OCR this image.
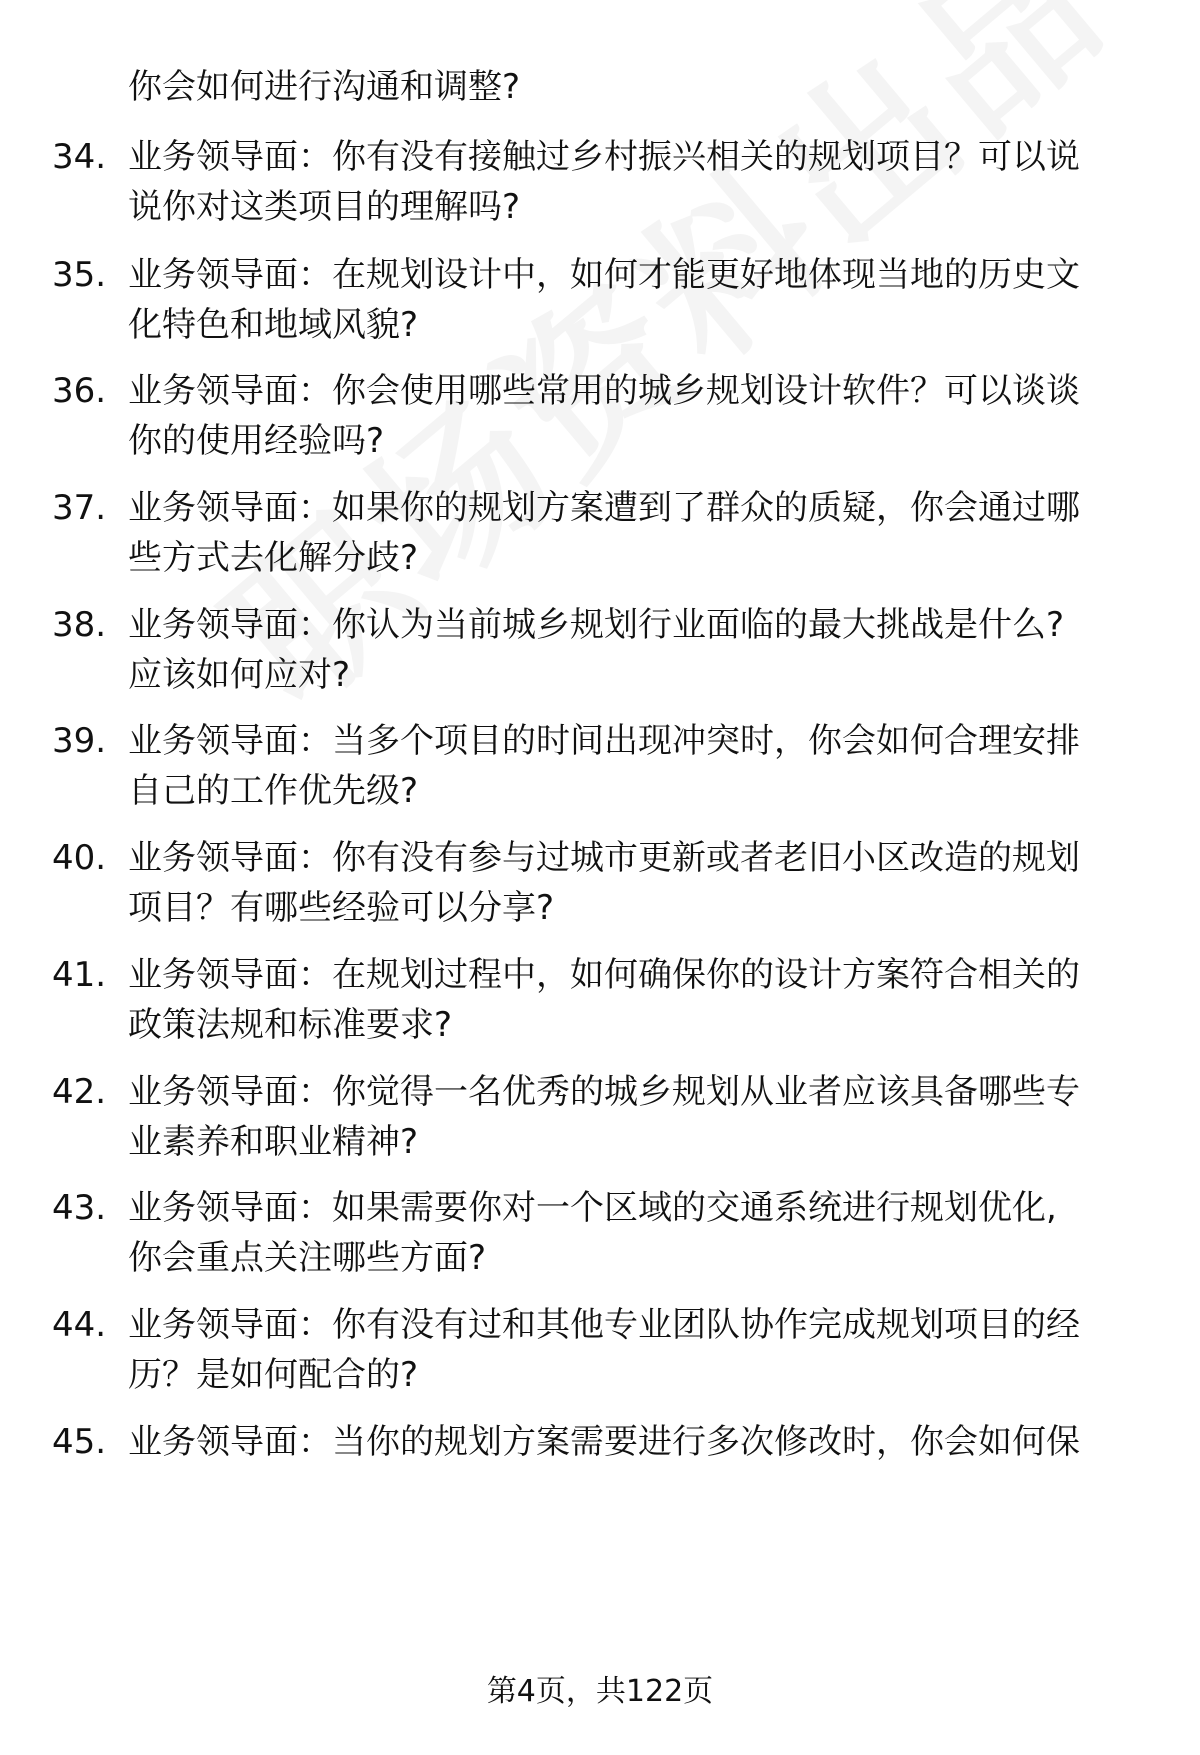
你会如何进行沟通和调整?
34. 业务领导面：你有没有接触过乡村振兴相关的规划项目？可以说
说你对这类项目的理解吗?
35. 业务领导面：在规划设计中，如何才能更好地体现当地的历史文
化特色和地域风貌?
36. 业务领导面：你会使用哪些常用的城乡规划设计软件？可以谈谈
你的使用经验吗?
37. 业务领导面：如果你的规划方案遭到了群众的质疑，你会通过哪
些方式去化解分歧?
38. 业务领导面：你认为当前城乡规划行业面临的最大挑战是什么?
应该如何应对?
39. 业务领导面：当多个项目的时间出现冲突时，你会如何合理安排
自己的工作优先级?
40. 业务领导面：你有没有参与过城市更新或者老旧小区改造的规划
项目？有哪些经验可以分享?
41. 业务领导面：在规划过程中，如何确保你的设计方案符合相关的
政策法规和标准要求?
42. 业务领导面：你觉得一名优秀的城乡规划从业者应该具备哪些专
业素养和职业精神?
43. 业务领导面：如果需要你对一个区域的交通系统进行规划优化,
你会重点关注哪些方面?
44. 业务领导面：你有没有过和其他专业团队协作完成规划项目的经
历？是如何配合的?
45. 业务领导面：当你的规划方案需要进行多次修改时，你会如何保
第4页，共122页
